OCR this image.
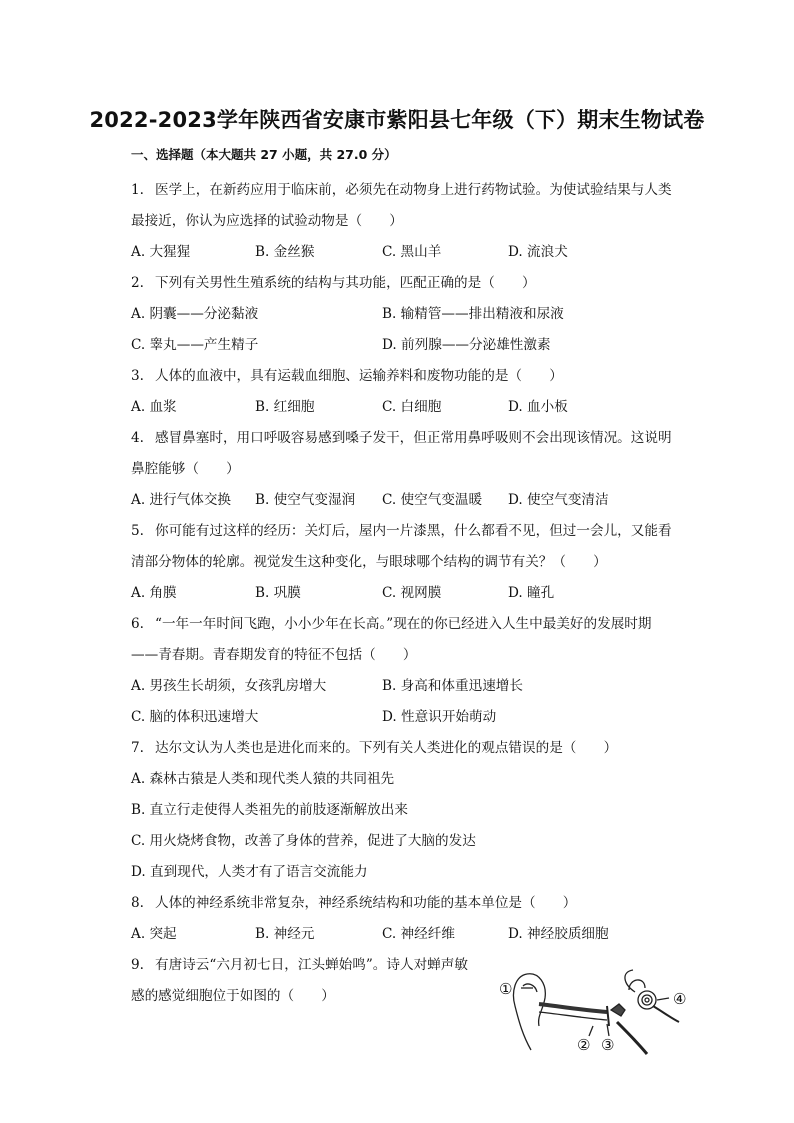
2022-2023学年陕西省安康市紫阳县七年级（下）期末生物试卷
一、选择题（本大题共 27 小题，共 27.0 分）
1. 医学上，在新药应用于临床前，必须先在动物身上进行药物试验。为使试验结果与人类
最接近，你认为应选择的试验动物是（　　）
A. 大猩猩	B. 金丝猴	C. 黑山羊	D. 流浪犬
2. 下列有关男性生殖系统的结构与其功能，匹配正确的是（　　）
A. 阴囊——分泌黏液	B. 输精管——排出精液和尿液
C. 睾丸——产生精子	D. 前列腺——分泌雄性激素
3. 人体的血液中，具有运载血细胞、运输养料和废物功能的是（　　）
A. 血浆	B. 红细胞	C. 白细胞	D. 血小板
4. 感冒鼻塞时，用口呼吸容易感到嗓子发干，但正常用鼻呼吸则不会出现该情况。这说明
鼻腔能够（　　）
A. 进行气体交换 B. 使空气变湿润 C. 使空气变温暖 D. 使空气变清洁
5. 你可能有过这样的经历：关灯后，屋内一片漆黑，什么都看不见，但过一会儿，又能看
清部分物体的轮廓。视觉发生这种变化，与眼球哪个结构的调节有关？（　　）
A. 角膜	B. 巩膜	C. 视网膜	D. 瞳孔
6. “一年一年时间飞跑，小小少年在长高。”现在的你已经进入人生中最美好的发展时期
——青春期。青春期发育的特征不包括（　　）
A. 男孩生长胡须，女孩乳房增大	B. 身高和体重迅速增长
C. 脑的体积迅速增大	D. 性意识开始萌动
7. 达尔文认为人类也是进化而来的。下列有关人类进化的观点错误的是（　　）
A. 森林古猿是人类和现代类人猿的共同祖先
B. 直立行走使得人类祖先的前肢逐渐解放出来
C. 用火烧烤食物，改善了身体的营养，促进了大脑的发达
D. 直到现代，人类才有了语言交流能力
8. 人体的神经系统非常复杂，神经系统结构和功能的基本单位是（　　）
A. 突起	B. 神经元	C. 神经纤维	D. 神经胶质细胞
9. 有唐诗云“六月初七日，江头蝉始鸣”。诗人对蝉声敏
感的感觉细胞位于如图的（　　）	①
② ③
④
